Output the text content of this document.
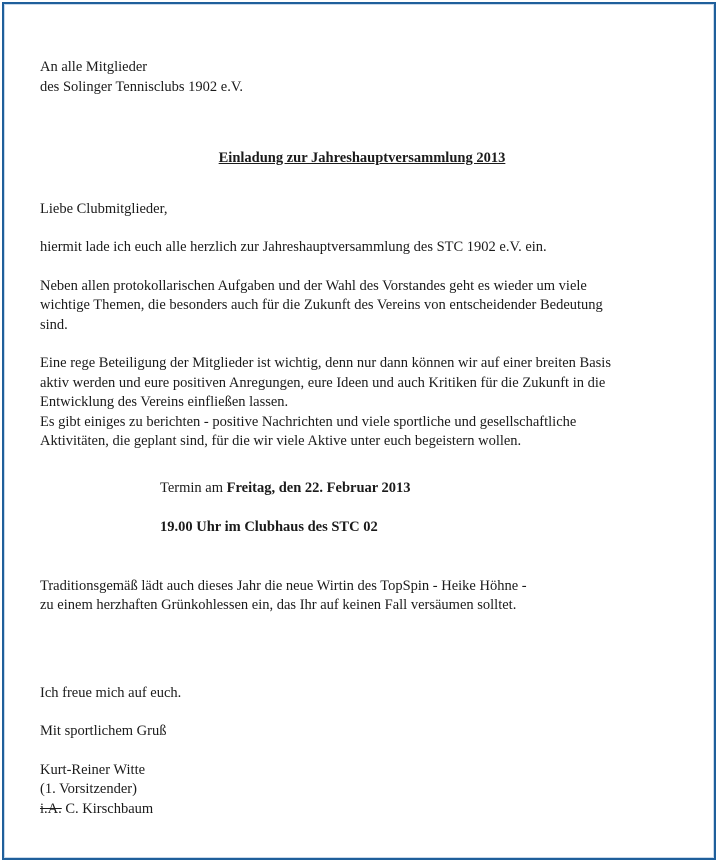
An alle Mitglieder
des Solinger Tennisclubs 1902 e.V.
Einladung zur Jahreshauptversammlung 2013
Liebe Clubmitglieder,
hiermit lade ich euch alle herzlich zur Jahreshauptversammlung des STC 1902 e.V. ein.
Neben allen protokollarischen Aufgaben und der Wahl des Vorstandes geht es wieder um viele
wichtige Themen, die besonders auch für die Zukunft des Vereins von entscheidender Bedeutung
sind.
Eine rege Beteiligung der Mitglieder ist wichtig, denn nur dann können wir auf einer breiten Basis
aktiv werden und eure positiven Anregungen, eure Ideen und auch Kritiken für die Zukunft in die
Entwicklung des Vereins einfließen lassen.
Es gibt einiges zu berichten - positive Nachrichten und viele sportliche und gesellschaftliche
Aktivitäten, die geplant sind, für die wir viele Aktive unter euch begeistern wollen.
Termin am Freitag, den 22. Februar 2013
19.00 Uhr im Clubhaus des STC 02
Traditionsgemäß lädt auch dieses Jahr die neue Wirtin des TopSpin - Heike Höhne -
zu einem herzhaften Grünkohlessen ein, das Ihr auf keinen Fall versäumen solltet.
Ich freue mich auf euch.
Mit sportlichem Gruß
Kurt-Reiner Witte
(1. Vorsitzender)
i.A. C. Kirschbaum
